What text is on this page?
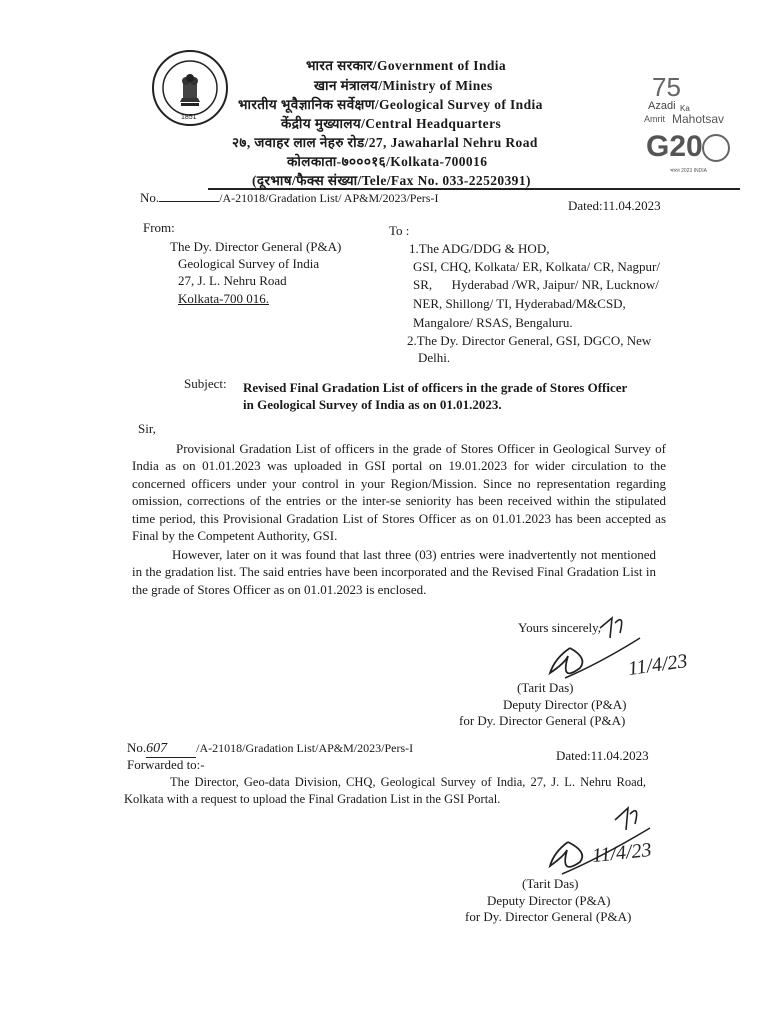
1851
भारत सरकार/Government of India
खान मंत्रालय/Ministry of Mines
भारतीय भूवैज्ञानिक सर्वेक्षण/Geological Survey of India
केंद्रीय मुख्यालय/Central Headquarters
२७, जवाहर लाल नेहरु रोड/27, Jawaharlal Nehru Road
कोलकाता-७०००१६/Kolkata-700016
(दूरभाष/फैक्स संख्या/Tele/Fax No. 033-22520391)
75
Azadi Ka
Amrit Mahotsav
G20
भारत 2023 INDIA
No.	/A-21018/Gradation List/ AP&M/2023/Pers-I	Dated:11.04.2023
From:
The Dy. Director General (P&A)
Geological Survey of India
27, J. L. Nehru Road
Kolkata-700 016.
To :
1.The ADG/DDG & HOD,
GSI, CHQ, Kolkata/ ER, Kolkata/ CR, Nagpur/
SR,      Hyderabad /WR, Jaipur/ NR, Lucknow/
NER, Shillong/ TI, Hyderabad/M&CSD,
Mangalore/ RSAS, Bengaluru.
2.The Dy. Director General, GSI, DGCO, New
Delhi.
Subject: Revised Final Gradation List of officers in the grade of Stores Officer
in Geological Survey of India as on 01.01.2023.
Sir,
Provisional Gradation List of officers in the grade of Stores Officer in Geological Survey of India as on 01.01.2023 was uploaded in GSI portal on 19.01.2023 for wider circulation to the concerned officers under your control in your Region/Mission. Since no representation regarding omission, corrections of the entries or the inter-se seniority has been received within the stipulated time period, this Provisional Gradation List of Stores Officer as on 01.01.2023 has been accepted as Final by the Competent Authority, GSI.
However, later on it was found that last three (03) entries were inadvertently not mentioned in the gradation list. The said entries have been incorporated and the Revised Final Gradation List in the grade of Stores Officer as on 01.01.2023 is enclosed.
Yours sincerely,
11/4/23
(Tarit Das)
Deputy Director (P&A)
for Dy. Director General (P&A)
No.607 /A-21018/Gradation List/AP&M/2023/Pers-I	Dated:11.04.2023
Forwarded to:-
The Director, Geo-data Division, CHQ, Geological Survey of India, 27, J. L. Nehru Road, Kolkata with a request to upload the Final Gradation List in the GSI Portal.
11/4/23
(Tarit Das)
Deputy Director (P&A)
for Dy. Director General (P&A)
